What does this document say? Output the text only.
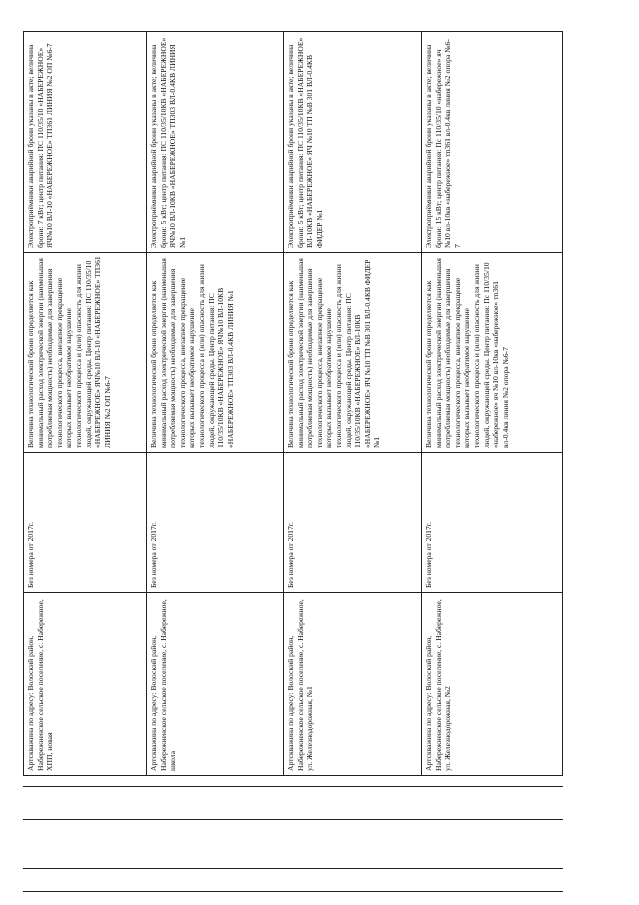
Электроприёмники аварийной брони указаны в акте; величина брони: 7 кВт; центр питания: ПС 110/35/10 «НАБЕРЕЖНОЕ» ЯЧ№10 ВЛ-10 «НАБЕРЕЖНОЕ» ТП361 ЛИНИЯ №2 ОП №6-7
Величина технологической брони определяется как минимальный расход электрической энергии (наименьшая потребляемая мощность) необходимые для завершения технологического процесса, внезапное прекращение которых вызывает необратимое нарушение технологического процесса и (или) опасность для жизни людей, окружающей среды. Центр питания: ПС 110/35/10 «НАБЕРЕЖНОЕ» ЯЧ№10 ВЛ-10 «НАБЕРЕЖНОЕ» ТП361 ЛИНИЯ №2 ОП №6-7
Без номера от 2017г.
Артскважина по адресу: Волоский район, Набережненское сельское поселение, с. Набережное, ХПП, новая
Электроприёмники аварийной брони указаны в акте; величина брони: 5 кВт; центр питания: ПС 110/35/10КВ «НАБЕРЕЖНОЕ» ЯЧ№10 ВЛ-10КВ «НАБЕРЕЖНОЕ» ТП303 ВЛ-0.4КВ ЛИНИЯ №1
Величина технологической брони определяется как минимальный расход электрической энергии (наименьшая потребляемая мощность) необходимые для завершения технологического процесса, внезапное прекращение которых вызывает необратимое нарушение технологического процесса и (или) опасность для жизни людей, окружающей среды. Центр питания: ПС 110/35/10КВ «НАБЕРЕЖНОЕ» ЯЧ№10 ВЛ-10КВ «НАБЕРЕЖНОЕ» ТП303 ВЛ-0.4КВ ЛИНИЯ №1
Без номера от 2017г.
Артскважина по адресу: Волоский район, Набережненское сельское поселение, с. Набережное, школа
Электроприёмники аварийной брони указаны в акте; величина брони: 5 кВт; центр питания: ПС 110/35/10КВ «НАБЕРЕЖНОЕ» ВЛ-10КВ «НАБЕРЕЖНОЕ» ЯЧ №10 ТП №В 301 ВЛ-0.4КВ ФИДЕР №1
Величина технологической брони определяется как минимальный расход электрической энергии (наименьшая потребляемая мощность) необходимые для завершения технологического процесса, внезапное прекращение которых вызывает необратимое нарушение технологического процесса и (или) опасность для жизни людей, окружающей среды. Центр питания: ПС 110/35/10КВ «НАБЕРЕЖНОЕ» ВЛ-10КВ «НАБЕРЕЖНОЕ» ЯЧ №10 ТП №В 301 ВЛ-0.4КВ ФИДЕР №1
Без номера от 2017г.
Артскважина по адресу: Волоский район, Набережненское сельское поселение, с. Набережное, ул. Железнодорожная, №1
Электроприёмники аварийной брони указаны в акте; величина брони: 15 кВт; центр питания: Пс 110/35/10 «набережное» яч №10 вл-10кв «набережное» тп361 вл-0.4кв линия №2 опора №6-7
Величина технологической брони определяется как минимальный расход электрической энергии (наименьшая потребляемая мощность) необходимые для завершения технологического процесса, внезапное прекращение которых вызывает необратимое нарушение технологического процесса и (или) опасность для жизни людей, окружающей среды. Центр питания: Пс 110/35/10 «набережное» яч №10 вл-10кв «набережное» тп361 вл-0.4кв линия №2 опора №6-7
Без номера от 2017г.
Артскважина по адресу: Волоский район, Набережненское сельское поселение, с. Набережное, ул. Железнодорожная, №2
